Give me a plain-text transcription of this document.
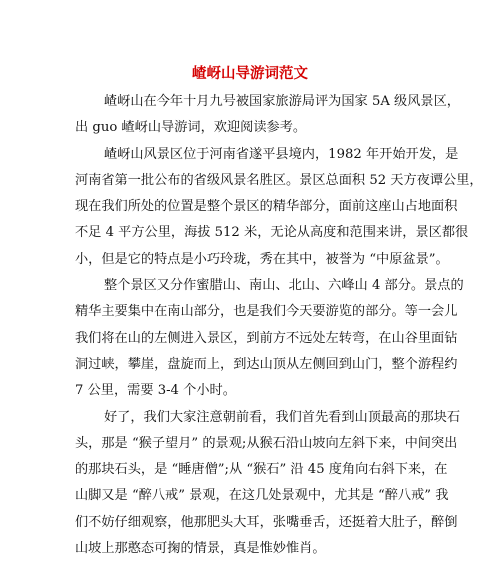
嵖岈山导游词范文
嵖岈山在今年十月九号被国家旅游局评为国家 5A 级风景区，
出 guo 嵖岈山导游词，欢迎阅读参考。
嵖岈山风景区位于河南省遂平县境内，1982 年开始开发，是
河南省第一批公布的省级风景名胜区。景区总面积 52 天方夜谭公里，
现在我们所处的位置是整个景区的精华部分，面前这座山占地面积
不足 4 平方公里，海拔 512 米，无论从高度和范围来讲，景区都很
小，但是它的特点是小巧玲珑，秀在其中，被誉为 “中原盆景”。
整个景区又分作蜜腊山、南山、北山、六峰山 4 部分。景点的
精华主要集中在南山部分，也是我们今天要游览的部分。等一会儿
我们将在山的左侧进入景区，到前方不远处左转弯，在山谷里面钻
洞过峡，攀崖，盘旋而上，到达山顶从左侧回到山门，整个游程约
7 公里，需要 3-4 个小时。
好了，我们大家注意朝前看，我们首先看到山顶最高的那块石
头，那是 “猴子望月” 的景观;从猴石沿山坡向左斜下来，中间突出
的那块石头，是 “睡唐僧”;从 “猴石” 沿 45 度角向右斜下来，在
山脚又是 “醉八戒” 景观，在这几处景观中，尤其是 “醉八戒” 我
们不妨仔细观察，他那肥头大耳，张嘴垂舌，还挺着大肚子，醉倒
山坡上那憨态可掬的情景，真是惟妙惟肖。
